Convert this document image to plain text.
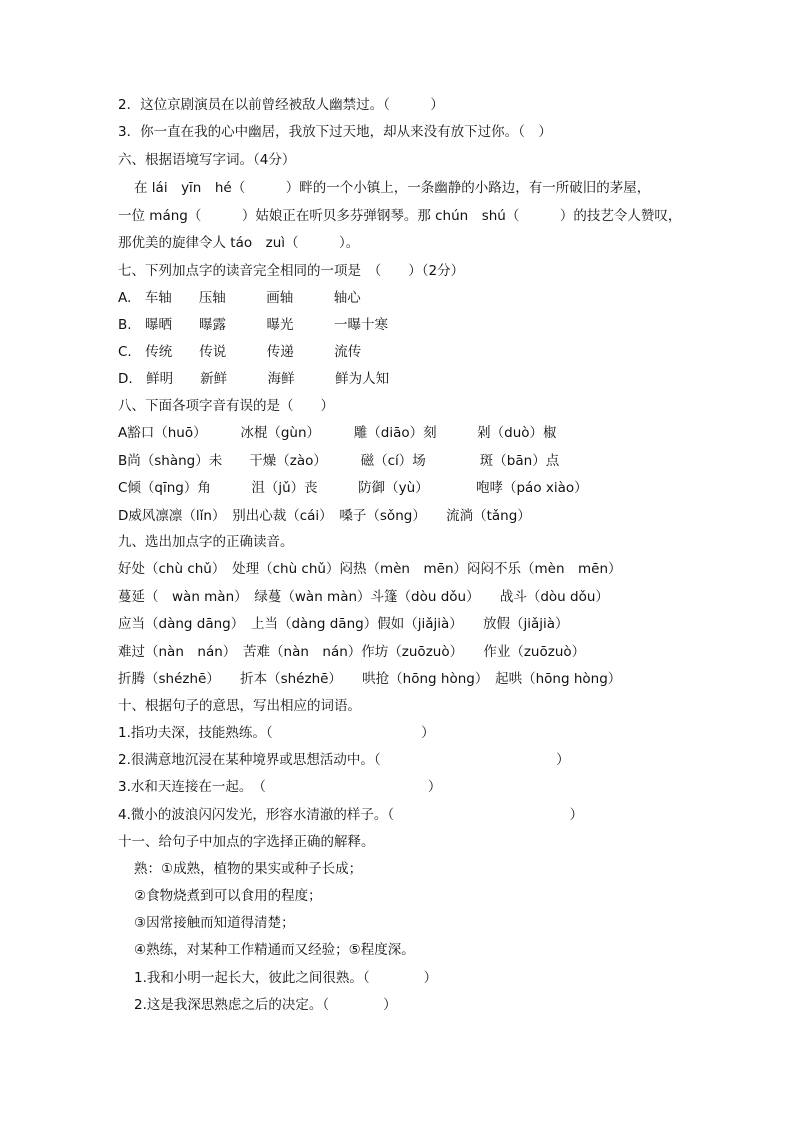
2．这位京剧演员在以前曾经被敌人幽禁过。（　　　）

3．你一直在我的心中幽居，我放下过天地，却从来没有放下过你。（　）

六、根据语境写字词。（4分）

在 lái　yīn　hé（　　　）畔的一个小镇上，一条幽静的小路边，有一所破旧的茅屋，

一位 máng（　　　）姑娘正在听贝多芬弹钢琴。那 chún　shú（　　　）的技艺令人赞叹，

那优美的旋律令人 táo　zuì（　　　）。

七、下列加点字的读音完全相同的一项是　（　　）（2分）

A.　车轴　　压轴　　　画轴　　　轴心

B.　曝晒　　曝露　　　曝光　　　一曝十寒

C.　传统　　传说　　　传递　　　流传

D.　鲜明　　新鲜　　　海鲜　　　鲜为人知

八、下面各项字音有误的是（　　）

A豁口（huō）　　　冰棍（gùn）　　　雕（diāo）刻　　　剁（duò）椒

B尚（shàng）未　　干燥（zào）　　　磁（cí）场　　　　斑（bān）点

C倾（qīng）角　　　沮（jǔ）丧　　　防御（yù）　　　　咆哮（páo xiào）

D威风凛凛（lǐn）　别出心裁（cái）　嗓子（sǒng）　　流淌（tǎng）

九、选出加点字的正确读音。

好处（chù chǔ）　处理（chù chǔ）闷热（mèn　mēn）闷闷不乐（mèn　mēn）

蔓延（　wàn màn）　绿蔓（wàn màn）斗篷（dòu dǒu）　　战斗（dòu dǒu）

应当（dàng dāng）　上当（dàng dāng）假如（jiǎjià）　　放假（jiǎjià）

难过（nàn　nán）　苦难（nàn　nán）作坊（zuōzuò）　　作业（zuōzuò）

折腾（shézhē）　　折本（shézhē）　　哄抢（hōng hòng）　起哄（hōng hòng）

十、根据句子的意思，写出相应的词语。

1.指功夫深，技能熟练。（　　　　　　　　　　　）

2.很满意地沉浸在某种境界或思想活动中。（　　　　　　　　　　　　　）

3.水和天连接在一起。　（　　　　　　　　　　　　）

4.微小的波浪闪闪发光，形容水清澈的样子。（　　　　　　　　　　　　　）

十一、给句子中加点的字选择正确的解释。

熟：①成熟，植物的果实或种子长成；

②食物烧煮到可以食用的程度；

③因常接触而知道得清楚；

④熟练，对某种工作精通而又经验；⑤程度深。

1.我和小明一起长大，彼此之间很熟。（　　　　）

2.这是我深思熟虑之后的决定。（　　　　）
